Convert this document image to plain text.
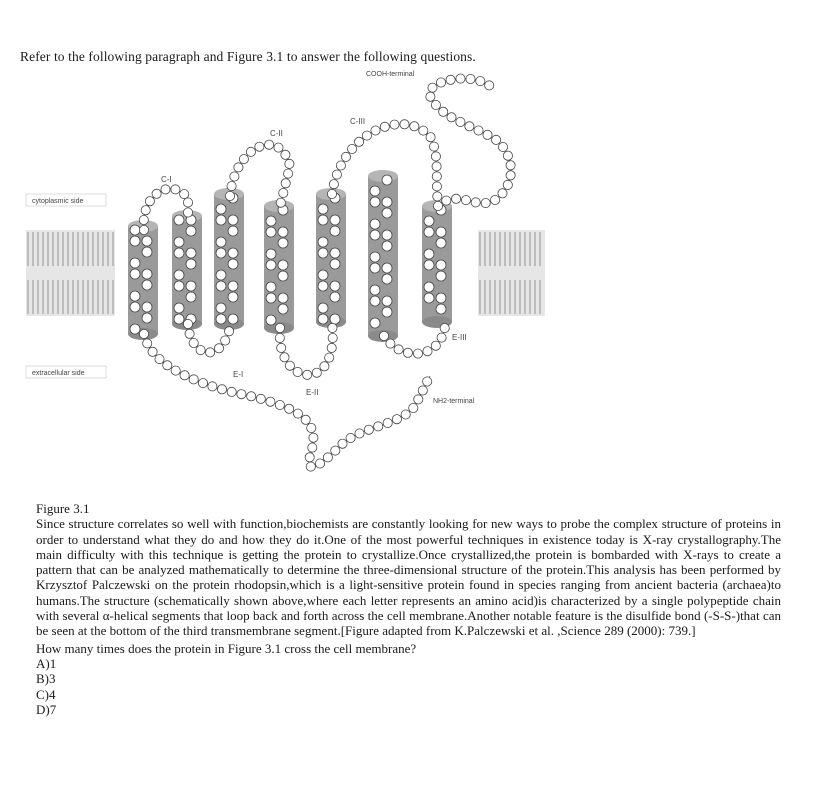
Refer to the following paragraph and Figure 3.1 to answer the following questions.
cytoplasmic side
extracellular side
C-I
C-II
C-III
E-I
E-II
E-III
COOH-terminal
NH2-terminal

Figure 3.1

Since structure correlates so well with function,biochemists are constantly looking for new ways to probe the complex structure of proteins in order to understand what they do and how they do it.One of the most powerful techniques in existence today is X-ray crystallography.The main difficulty with this technique is getting the protein to crystallize.Once crystallized,the protein is bombarded with X-rays to create a pattern that can be analyzed mathematically to determine the three-dimensional structure of the protein.This analysis has been performed by Krzysztof Palczewski on the protein rhodopsin,which is a light-sensitive protein found in species ranging from ancient bacteria (archaea)to humans.The structure (schematically shown above,where each letter represents an amino acid)is characterized by a single polypeptide chain with several α-helical segments that loop back and forth across the cell membrane.Another notable feature is the disulfide bond (-S-S-)that can be seen at the bottom of the third transmembrane segment.[Figure adapted from K.Palczewski et al. ,Science 289 (2000): 739.]

How many times does the protein in Figure 3.1 cross the cell membrane?

A)1
B)3
C)4
D)7
